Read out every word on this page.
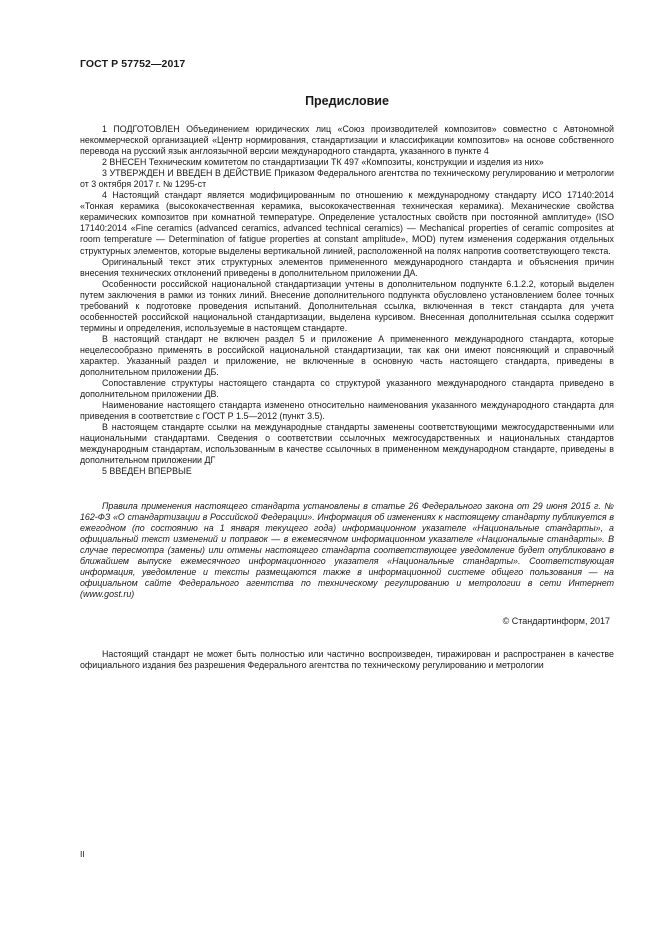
ГОСТ Р 57752—2017
Предисловие

1 ПОДГОТОВЛЕН Объединением юридических лиц «Союз производителей композитов» совместно с Автономной некоммерческой организацией «Центр нормирования, стандартизации и классификации композитов» на основе собственного перевода на русский язык англоязычной версии международного стандарта, указанного в пункте 4

2 ВНЕСЕН Техническим комитетом по стандартизации ТК 497 «Композиты, конструкции и изделия из них»

3 УТВЕРЖДЕН И ВВЕДЕН В ДЕЙСТВИЕ Приказом Федерального агентства по техническому регулированию и метрологии от 3 октября 2017 г. № 1295-ст

4 Настоящий стандарт является модифицированным по отношению к международному стандарту ИСО 17140:2014 «Тонкая керамика (высококачественная керамика, высококачественная техническая керамика). Механические свойства керамических композитов при комнатной температуре. Определение усталостных свойств при постоянной амплитуде» (ISO 17140:2014 «Fine ceramics (advanced ceramics, advanced technical ceramics) — Mechanical properties of ceramic composites at room temperature — Determination of fatigue properties at constant amplitude», MOD) путем изменения содержания отдельных структурных элементов, которые выделены вертикальной линией, расположенной на полях напротив соответствующего текста.

Оригинальный текст этих структурных элементов примененного международного стандарта и объяснения причин внесения технических отклонений приведены в дополнительном приложении ДА.

Особенности российской национальной стандартизации учтены в дополнительном подпункте 6.1.2.2, который выделен путем заключения в рамки из тонких линий. Внесение дополнительного подпункта обусловлено установлением более точных требований к подготовке проведения испытаний. Дополнительная ссылка, включенная в текст стандарта для учета особенностей российской национальной стандартизации, выделена курсивом. Внесенная дополнительная ссылка содержит термины и определения, используемые в настоящем стандарте.

В настоящий стандарт не включен раздел 5 и приложение А примененного международного стандарта, которые нецелесообразно применять в российской национальной стандартизации, так как они имеют поясняющий и справочный характер. Указанный раздел и приложение, не включенные в основную часть настоящего стандарта, приведены в дополнительном приложении ДБ.

Сопоставление структуры настоящего стандарта со структурой указанного международного стандарта приведено в дополнительном приложении ДВ.

Наименование настоящего стандарта изменено относительно наименования указанного международного стандарта для приведения в соответствие с ГОСТ Р 1.5—2012 (пункт 3.5).

В настоящем стандарте ссылки на международные стандарты заменены соответствующими межгосударственными или национальными стандартами. Сведения о соответствии ссылочных межгосударственных и национальных стандартов международным стандартам, использованным в качестве ссылочных в примененном международном стандарте, приведены в дополнительном приложении ДГ

5 ВВЕДЕН ВПЕРВЫЕ

Правила применения настоящего стандарта установлены в статье 26 Федерального закона от 29 июня 2015 г. № 162-ФЗ «О стандартизации в Российской Федерации». Информация об изменениях к настоящему стандарту публикуется в ежегодном (по состоянию на 1 января текущего года) информационном указателе «Национальные стандарты», а официальный текст изменений и поправок — в ежемесячном информационном указателе «Национальные стандарты». В случае пересмотра (замены) или отмены настоящего стандарта соответствующее уведомление будет опубликовано в ближайшем выпуске ежемесячного информационного указателя «Национальные стандарты». Соответствующая информация, уведомление и тексты размещаются также в информационной системе общего пользования — на официальном сайте Федерального агентства по техническому регулированию и метрологии в сети Интернет (www.gost.ru)

© Стандартинформ, 2017

Настоящий стандарт не может быть полностью или частично воспроизведен, тиражирован и распространен в качестве официального издания без разрешения Федерального агентства по техническому регулированию и метрологии

II
